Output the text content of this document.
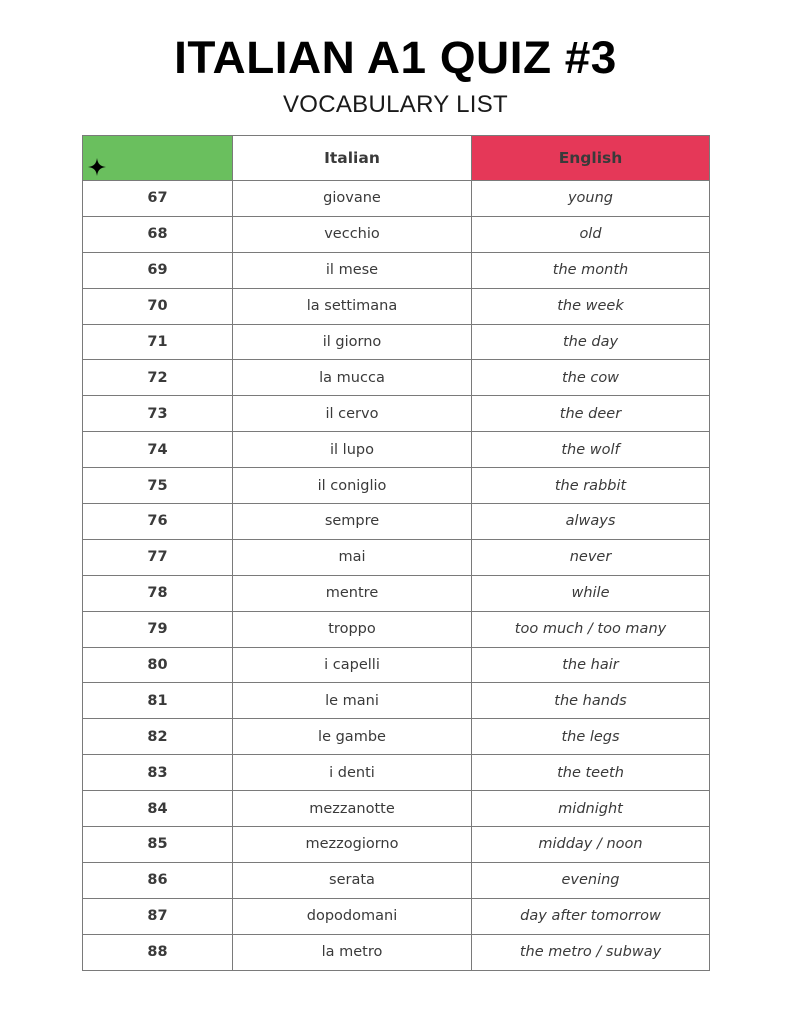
ITALIAN A1 QUIZ #3
VOCABULARY LIST
	Italian	English
67	giovane	young
68	vecchio	old
69	il mese	the month
70	la settimana	the week
71	il giorno	the day
72	la mucca	the cow
73	il cervo	the deer
74	il lupo	the wolf
75	il coniglio	the rabbit
76	sempre	always
77	mai	never
78	mentre	while
79	troppo	too much / too many
80	i capelli	the hair
81	le mani	the hands
82	le gambe	the legs
83	i denti	the teeth
84	mezzanotte	midnight
85	mezzogiorno	midday / noon
86	serata	evening
87	dopodomani	day after tomorrow
88	la metro	the metro / subway
